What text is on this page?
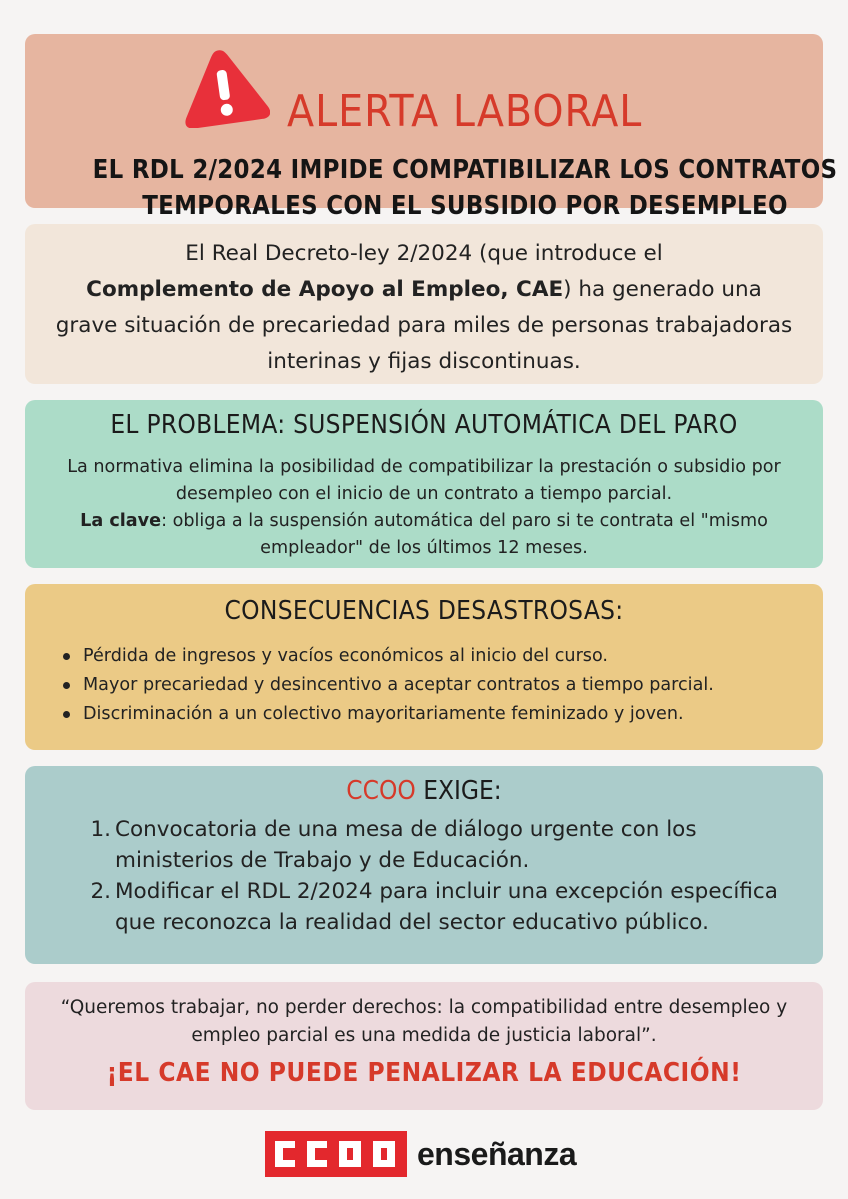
ALERTA LABORAL
EL RDL 2/2024 IMPIDE COMPATIBILIZAR LOS CONTRATOS
TEMPORALES CON EL SUBSIDIO POR DESEMPLEO

El Real Decreto-ley 2/2024 (que introduce el
Complemento de Apoyo al Empleo, CAE) ha generado una grave situación de precariedad para miles de personas trabajadoras interinas y fijas discontinuas.

EL PROBLEMA: SUSPENSIÓN AUTOMÁTICA DEL PARO

La normativa elimina la posibilidad de compatibilizar la prestación o subsidio por desempleo con el inicio de un contrato a tiempo parcial.
La clave: obliga a la suspensión automática del paro si te contrata el "mismo empleador" de los últimos 12 meses.

CONSECUENCIAS DESASTROSAS:
Pérdida de ingresos y vacíos económicos al inicio del curso.
Mayor precariedad y desincentivo a aceptar contratos a tiempo parcial.
Discriminación a un colectivo mayoritariamente feminizado y joven.
CCOO EXIGE:
1. Convocatoria de una mesa de diálogo urgente con los ministerios de Trabajo y de Educación.
2. Modificar el RDL 2/2024 para incluir una excepción específica que reconozca la realidad del sector educativo público.

“Queremos trabajar, no perder derechos: la compatibilidad entre desempleo y empleo parcial es una medida de justicia laboral”.

¡EL CAE NO PUEDE PENALIZAR LA EDUCACIÓN!

enseñanza
